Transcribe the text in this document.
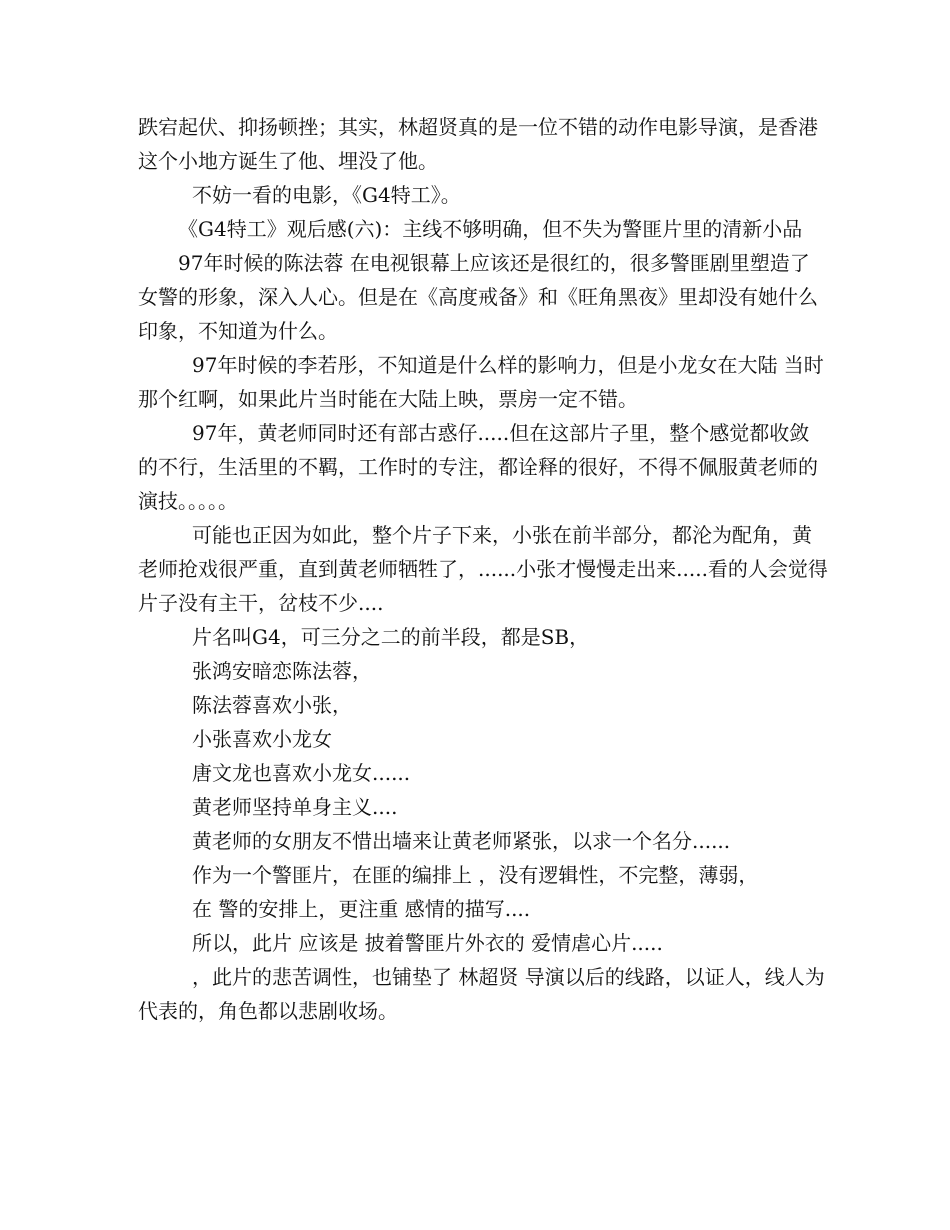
跌宕起伏、抑扬顿挫；其实，林超贤真的是一位不错的动作电影导演，是香港这个小地方诞生了他、埋没了他。

不妨一看的电影，《G4特工》。

《G4特工》观后感(六)：主线不够明确，但不失为警匪片里的清新小品

97年时候的陈法蓉 在电视银幕上应该还是很红的，很多警匪剧里塑造了女警的形象，深入人心。但是在《高度戒备》和《旺角黑夜》里却没有她什么印象，不知道为什么。

97年时候的李若彤，不知道是什么样的影响力，但是小龙女在大陆 当时那个红啊，如果此片当时能在大陆上映，票房一定不错。

97年，黄老师同时还有部古惑仔.....但在这部片子里，整个感觉都收敛的不行，生活里的不羁，工作时的专注，都诠释的很好，不得不佩服黄老师的演技。。。。。

可能也正因为如此，整个片子下来，小张在前半部分，都沦为配角，黄老师抢戏很严重，直到黄老师牺牲了，......小张才慢慢走出来.....看的人会觉得片子没有主干，岔枝不少....

片名叫G4，可三分之二的前半段，都是SB，

张鸿安暗恋陈法蓉，

陈法蓉喜欢小张，

小张喜欢小龙女

唐文龙也喜欢小龙女......

黄老师坚持单身主义....

黄老师的女朋友不惜出墙来让黄老师紧张，以求一个名分......

作为一个警匪片，在匪的编排上 ，没有逻辑性，不完整，薄弱，

在 警的安排上，更注重 感情的描写....

所以，此片 应该是 披着警匪片外衣的 爱情虐心片.....

，此片的悲苦调性，也铺垫了 林超贤 导演以后的线路，以证人，线人为代表的，角色都以悲剧收场。
